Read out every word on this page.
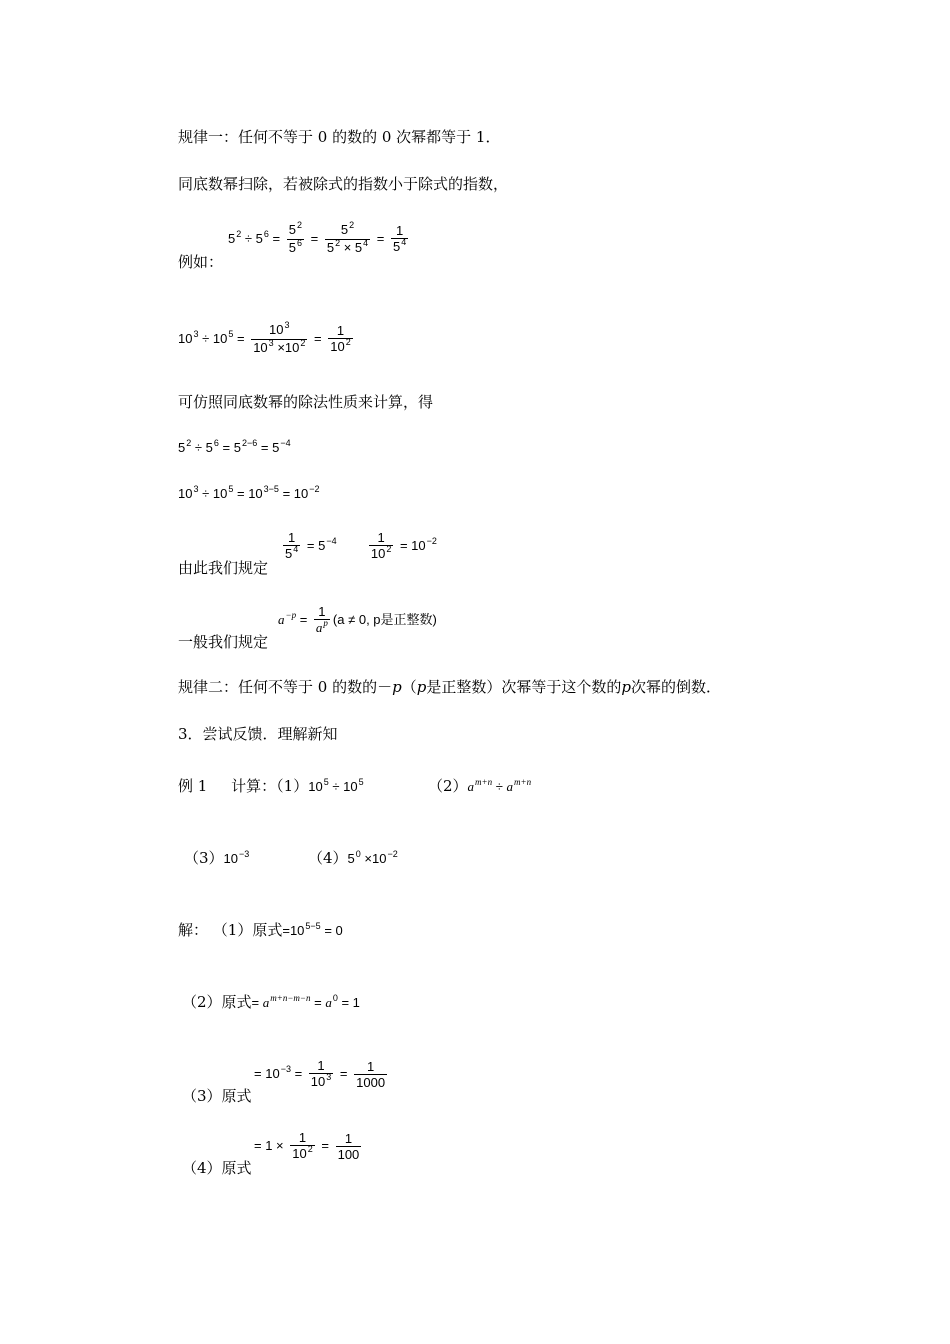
规律一：任何不等于 0 的数的 0 次幂都等于 1．
同底数幂扫除，若被除式的指数小于除式的指数，
$5^2 \div 5^6 = \frac{5^2}{5^6} = \frac{5^2}{5^2 \times 5^4} = \frac{1}{5^4}$
例如：
$10^3 \div 10^5 = \frac{10^3}{10^3 \times 10^2} = \frac{1}{10^2}$
可仿照同底数幂的除法性质来计算，得
$5^2 \div 5^6 = 5^{2-6} = 5^{-4}$
$10^3 \div 10^5 = 10^{3-5} = 10^{-2}$
$\frac{1}{5^4} = 5^{-4} \frac{1}{10^2} = 10^{-2}$
由此我们规定
$a^{-p} = \frac{1}{a^p} (a \ne 0$, p是正整数)
一般我们规定
规律二：任何不等于 0 的数的－p（p是正整数）次幂等于这个数的p次幂的倒数．
3．尝试反馈．理解新知
例 1 计算：$(1)10^5 \div 10^5$	$(2)a^{m+n} \div a^{m+n}$
$(3)10^{-3}$	$(4)5^0 \times 10^{-2}$
解： （1）原式$=10^{5-5} = 0$
（2）原式= $a^{m+n-m-n} = a^0 = 1$
= $10^{-3} = \frac{1}{10^3} = \frac{1}{1000}$
（3）原式
= $1 \times \frac{1}{10^2} = \frac{1}{100}$
（4）原式
